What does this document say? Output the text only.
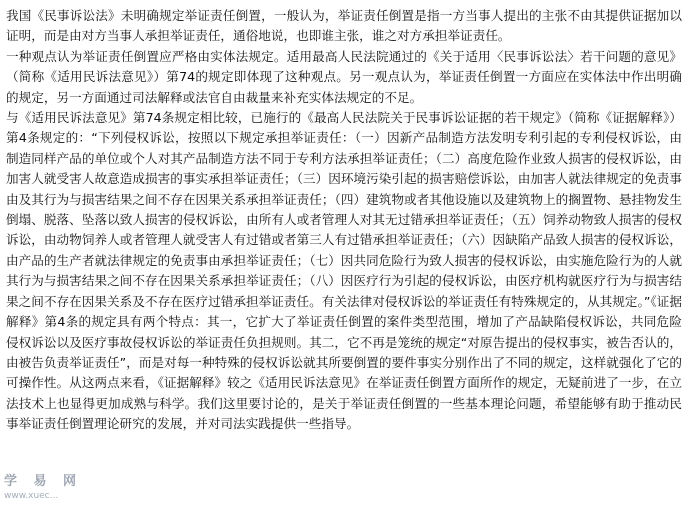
我国《民事诉讼法》未明确规定举证责任倒置，一般认为，举证责任倒置是指一方当事人提出的主张不由其提供证据加以证明，而是由对方当事人承担举证责任，通俗地说，也即谁主张，谁之对方承担举证责任。

一种观点认为举证责任倒置应严格由实体法规定。适用最高人民法院通过的《关于适用〈民事诉讼法〉若干问题的意见》（简称《适用民诉法意见》）第74的规定即体现了这种观点。另一观点认为，举证责任倒置一方面应在实体法中作出明确的规定，另一方面通过司法解释或法官自由裁量来补充实体法规定的不足。

与《适用民诉法意见》第74条规定相比较，已施行的《最高人民法院关于民事诉讼证据的若干规定》（简称《证据解释》）第4条规定的：“下列侵权诉讼，按照以下规定承担举证责任：（一）因新产品制造方法发明专利引起的专利侵权诉讼，由制造同样产品的单位或个人对其产品制造方法不同于专利方法承担举证责任；（二）高度危险作业致人损害的侵权诉讼，由加害人就受害人故意造成损害的事实承担举证责任；（三）因环境污染引起的损害赔偿诉讼，由加害人就法律规定的免责事由及其行为与损害结果之间不存在因果关系承担举证责任；（四）建筑物或者其他设施以及建筑物上的搁置物、悬挂物发生倒塌、脱落、坠落以致人损害的侵权诉讼，由所有人或者管理人对其无过错承担举证责任；（五）饲养动物致人损害的侵权诉讼，由动物饲养人或者管理人就受害人有过错或者第三人有过错承担举证责任；（六）因缺陷产品致人损害的侵权诉讼，由产品的生产者就法律规定的免责事由承担举证责任；（七）因共同危险行为致人损害的侵权诉讼，由实施危险行为的人就其行为与损害结果之间不存在因果关系承担举证责任；（八）因医疗行为引起的侵权诉讼，由医疗机构就医疗行为与损害结果之间不存在因果关系及不存在医疗过错承担举证责任。有关法律对侵权诉讼的举证责任有特殊规定的，从其规定。”《证据解释》第4条的规定具有两个特点：其一，它扩大了举证责任倒置的案件类型范围，增加了产品缺陷侵权诉讼，共同危险侵权诉讼以及医疗事故侵权诉讼的举证责任负担规则。其二，它不再是笼统的规定“对原告提出的侵权事实，被告否认的，由被告负责举证责任”，而是对每一种特殊的侵权诉讼就其所要倒置的要件事实分别作出了不同的规定，这样就强化了它的可操作性。从这两点来看，《证据解释》较之《适用民诉法意见》在举证责任倒置方面所作的规定，无疑前进了一步，在立法技术上也显得更加成熟与科学。我们这里要讨论的，是关于举证责任倒置的一些基本理论问题，希望能够有助于推动民事举证责任倒置理论研究的发展，并对司法实践提供一些指导。

学 易 网
www.xuec...
